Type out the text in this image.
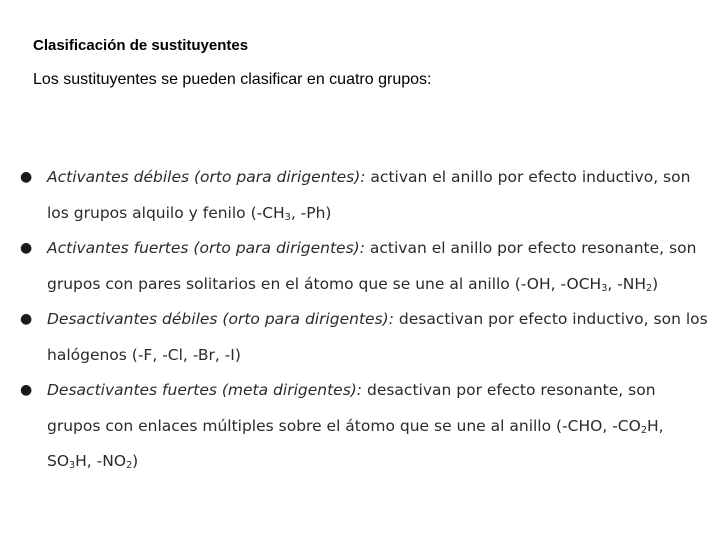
Clasificación de sustituyentes
Los sustituyentes se pueden clasificar en cuatro grupos:
● Activantes débiles (orto para dirigentes): activan el anillo por efecto inductivo, son los grupos alquilo y fenilo ($-CH_3$, -Ph)
● Activantes fuertes (orto para dirigentes): activan el anillo por efecto resonante, son grupos con pares solitarios en el átomo que se une al anillo (-OH, $-OCH_3$, $-NH_2$)
● Desactivantes débiles (orto para dirigentes): desactivan por efecto inductivo, son los halógenos (-F, -Cl, -Br, -I)
● Desactivantes fuertes (meta dirigentes): desactivan por efecto resonante, son grupos con enlaces múltiples sobre el átomo que se une al anillo (-CHO, $-CO_2H$, $SO_3H$, $-NO_2$)
